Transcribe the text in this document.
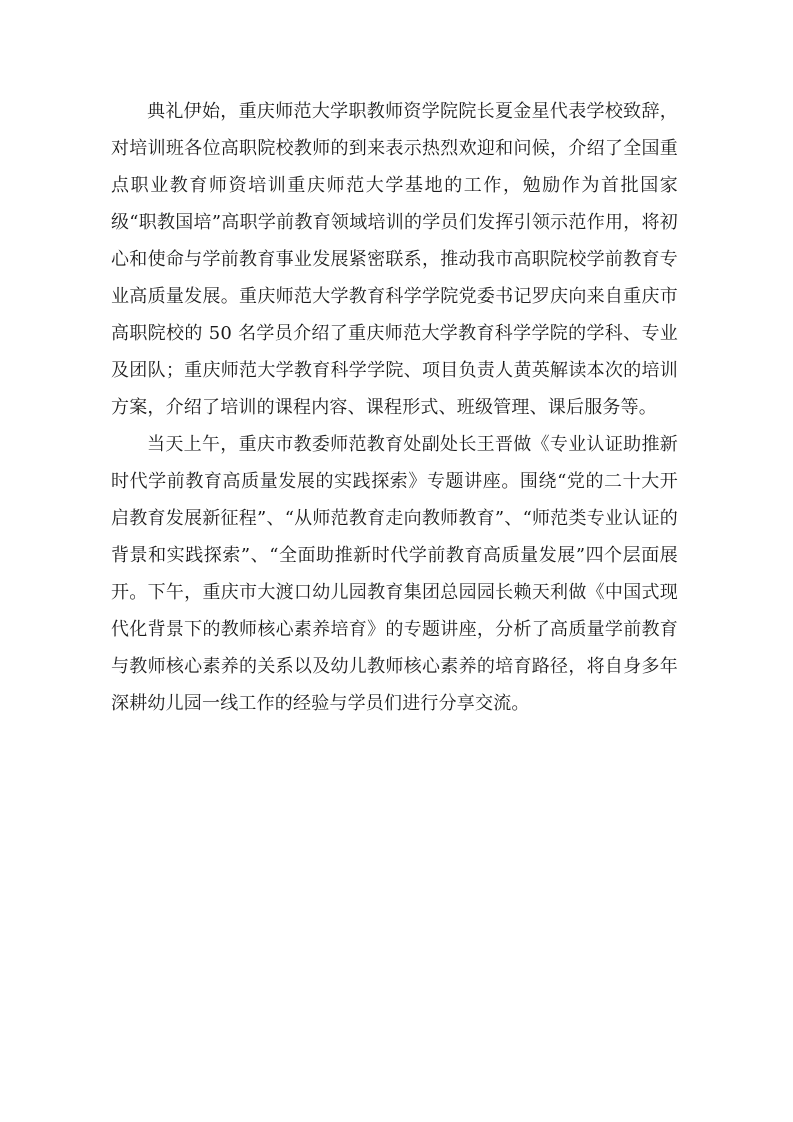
典礼伊始，重庆师范大学职教师资学院院长夏金星代表学校致辞，对培训班各位高职院校教师的到来表示热烈欢迎和问候，介绍了全国重点职业教育师资培训重庆师范大学基地的工作，勉励作为首批国家级“职教国培”高职学前教育领域培训的学员们发挥引领示范作用，将初心和使命与学前教育事业发展紧密联系，推动我市高职院校学前教育专业高质量发展。重庆师范大学教育科学学院党委书记罗庆向来自重庆市高职院校的 50 名学员介绍了重庆师范大学教育科学学院的学科、专业及团队；重庆师范大学教育科学学院、项目负责人黄英解读本次的培训方案，介绍了培训的课程内容、课程形式、班级管理、课后服务等。

当天上午，重庆市教委师范教育处副处长王晋做《专业认证助推新时代学前教育高质量发展的实践探索》专题讲座。围绕“党的二十大开启教育发展新征程”、“从师范教育走向教师教育”、“师范类专业认证的背景和实践探索”、“全面助推新时代学前教育高质量发展”四个层面展开。下午，重庆市大渡口幼儿园教育集团总园园长赖天利做《中国式现代化背景下的教师核心素养培育》的专题讲座，分析了高质量学前教育与教师核心素养的关系以及幼儿教师核心素养的培育路径，将自身多年深耕幼儿园一线工作的经验与学员们进行分享交流。
